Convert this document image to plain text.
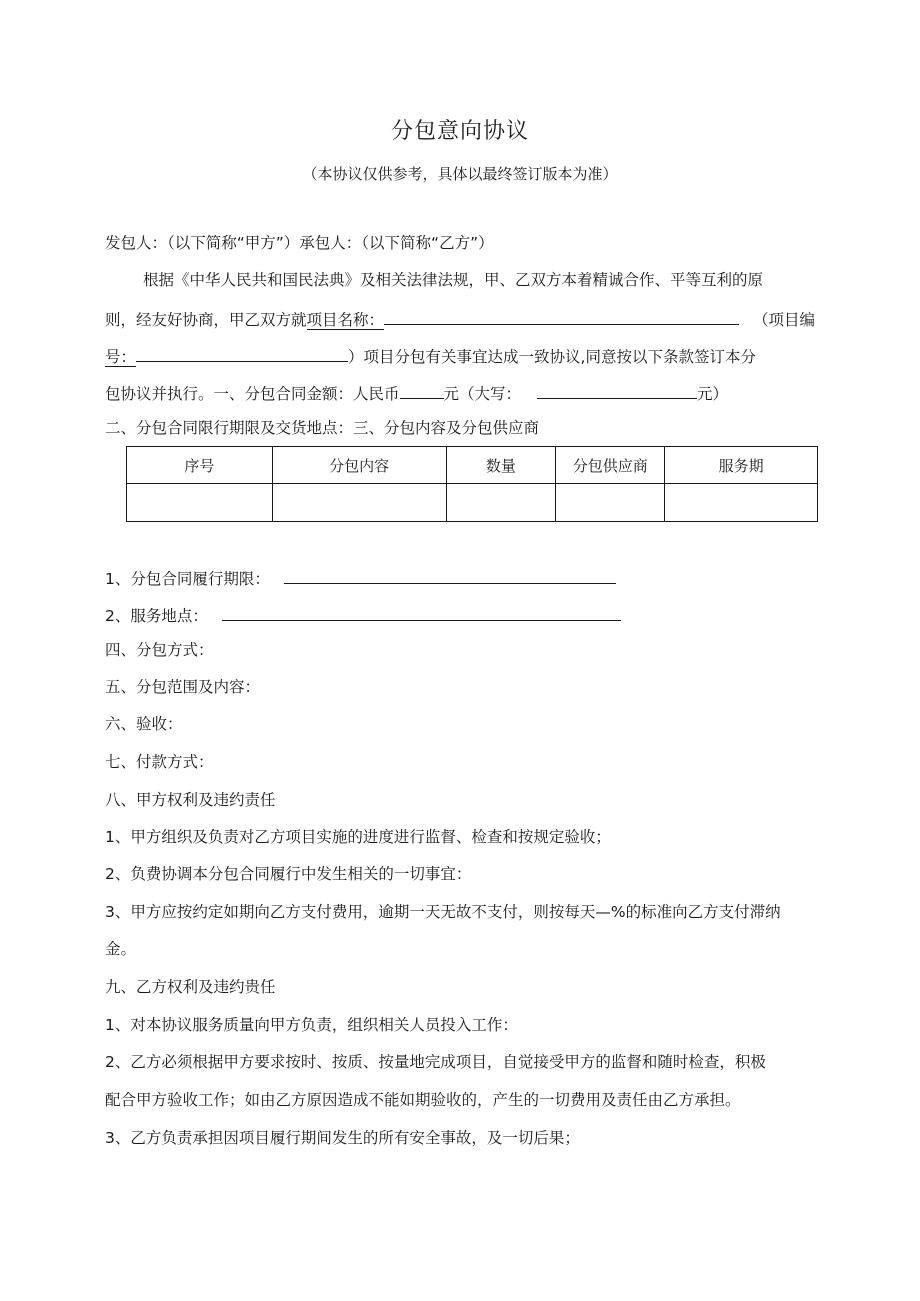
分包意向协议
（本协议仅供参考，具体以最终签订版本为准）
发包人：（以下简称“甲方”）承包人：（以下简称“乙方”）
根据《中华人民共和国民法典》及相关法律法规，甲、乙双方本着精诚合作、平等互利的原
则，经友好协商，甲乙双方就项目名称：	（项目编
号：	）项目分包有关事宜达成一致协议,同意按以下条款签订本分
包协议并执行。一、分包合同金额：人民币	元（大写：	元）
二、分包合同限行期限及交货地点：三、分包内容及分包供应商
序号	分包内容	数量	分包供应商	服务期

1、分包合同履行期限：
2、服务地点：
四、分包方式：
五、分包范围及内容：
六、验收：
七、付款方式：
八、甲方权利及违约责任
1、甲方组织及负责对乙方项目实施的进度进行监督、检查和按规定验收；
2、负费协调本分包合同履行中发生相关的一切事宜：
3、甲方应按约定如期向乙方支付费用，逾期一天无故不支付，则按每天—%的标准向乙方支付滞纳
金。
九、乙方权利及违约贵任
1、对本协议服务质量向甲方负责，组织相关人员投入工作：
2、乙方必须根据甲方要求按时、按质、按量地完成项目，自觉接受甲方的监督和随时检查，积极
配合甲方验收工作；如由乙方原因造成不能如期验收的，产生的一切费用及责任由乙方承担。
3、乙方负责承担因项目履行期间发生的所有安全事故，及一切后果；
